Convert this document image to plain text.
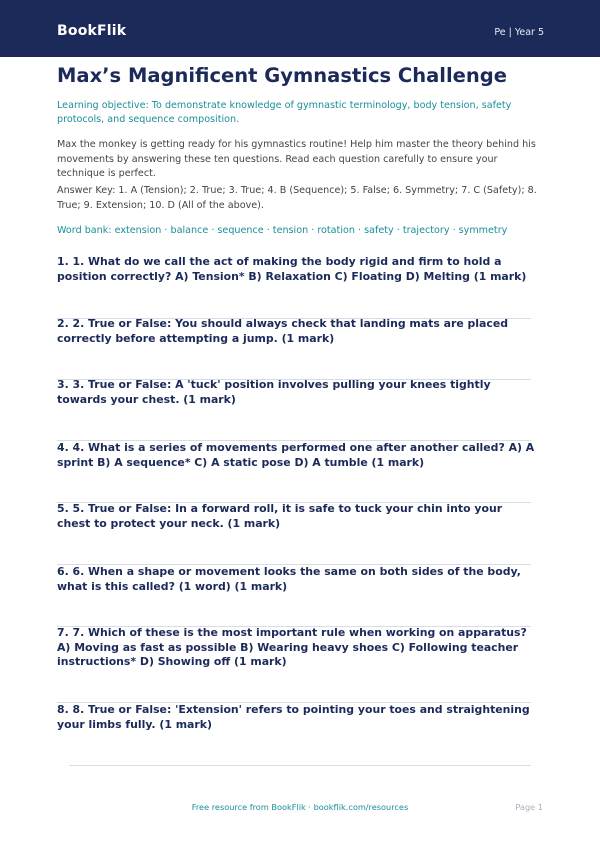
BookFlik	Pe | Year 5
Max’s Magnificent Gymnastics Challenge
Learning objective: To demonstrate knowledge of gymnastic terminology, body tension, safety protocols, and sequence composition.
Max the monkey is getting ready for his gymnastics routine! Help him master the theory behind his movements by answering these ten questions. Read each question carefully to ensure your technique is perfect.
Answer Key: 1. A (Tension); 2. True; 3. True; 4. B (Sequence); 5. False; 6. Symmetry; 7. C (Safety); 8. True; 9. Extension; 10. D (All of the above).
Word bank: extension · balance · sequence · tension · rotation · safety · trajectory · symmetry
1. 1. What do we call the act of making the body rigid and firm to hold a position correctly? A) Tension* B) Relaxation C) Floating D) Melting (1 mark)
2. 2. True or False: You should always check that landing mats are placed correctly before attempting a jump. (1 mark)
3. 3. True or False: A 'tuck' position involves pulling your knees tightly towards your chest. (1 mark)
4. 4. What is a series of movements performed one after another called? A) A sprint B) A sequence* C) A static pose D) A tumble (1 mark)
5. 5. True or False: In a forward roll, it is safe to tuck your chin into your chest to protect your neck. (1 mark)
6. 6. When a shape or movement looks the same on both sides of the body, what is this called? (1 word) (1 mark)
7. 7. Which of these is the most important rule when working on apparatus? A) Moving as fast as possible B) Wearing heavy shoes C) Following teacher instructions* D) Showing off (1 mark)
8. 8. True or False: 'Extension' refers to pointing your toes and straightening your limbs fully. (1 mark)
Free resource from BookFlik · bookflik.com/resources	Page 1
